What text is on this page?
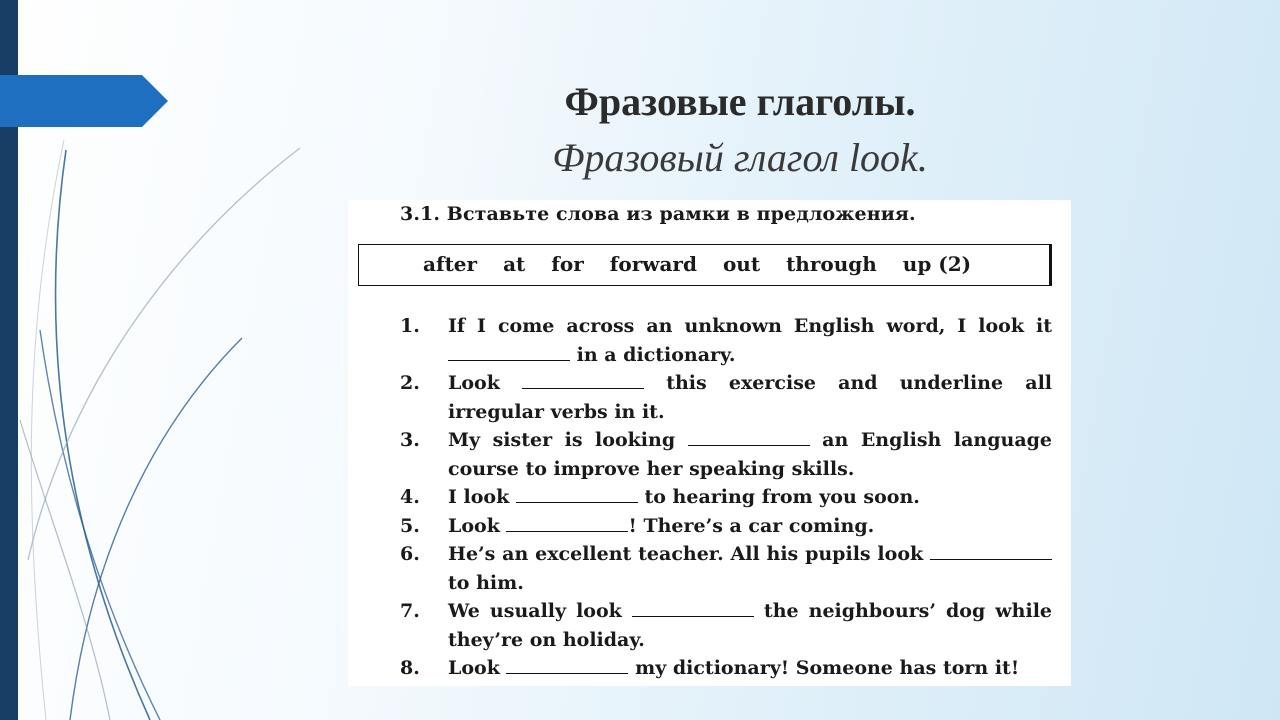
Фразовые глаголы.
Фразовый глагол look.
3.1. Вставьте слова из рамки в предложения.
after at for forward out through up (2)
1.	If I come across an unknown English word, I look it  in a dictionary.
2.	Look	this exercise and underline all irregular verbs in it.
3.	My sister is looking	an English language course to improve her speaking skills.
4.	I look	to hearing from you soon.
5.	Look	! There’s a car coming.
6.	He’s an excellent teacher. All his pupils look  to him.
7.	We usually look	the neighbours’ dog while they’re on holiday.
8.	Look	my dictionary! Someone has torn it!
